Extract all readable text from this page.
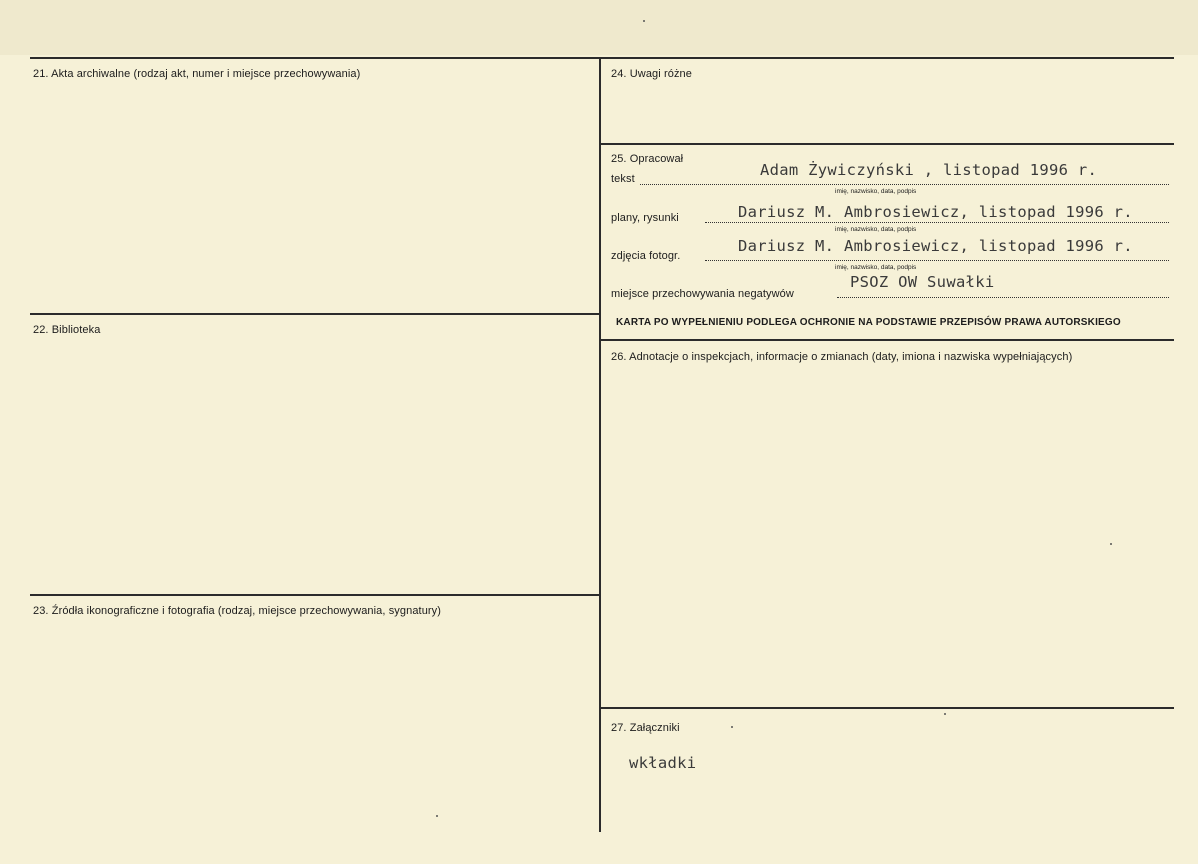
21. Akta archiwalne (rodzaj akt, numer i miejsce przechowywania)
22. Biblioteka
23. Źródła ikonograficzne i fotografia (rodzaj, miejsce przechowywania, sygnatury)
24. Uwagi różne
25. Opracował
tekst	Adam Żywiczyński , listopad 1996 r.
imię, nazwisko, data, podpis
plany, rysunki	Dariusz M. Ambrosiewicz, listopad 1996 r.
imię, nazwisko, data, podpis
zdjęcia fotogr.
Dariusz M. Ambrosiewicz, listopad 1996 r.
imię, nazwisko, data, podpis
miejsce przechowywania negatywów
PSOZ OW Suwałki
KARTA PO WYPEŁNIENIU PODLEGA OCHRONIE NA PODSTAWIE PRZEPISÓW PRAWA AUTORSKIEGO
26. Adnotacje o inspekcjach, informacje o zmianach (daty, imiona i nazwiska wypełniających)
27. Załączniki
wkładki
